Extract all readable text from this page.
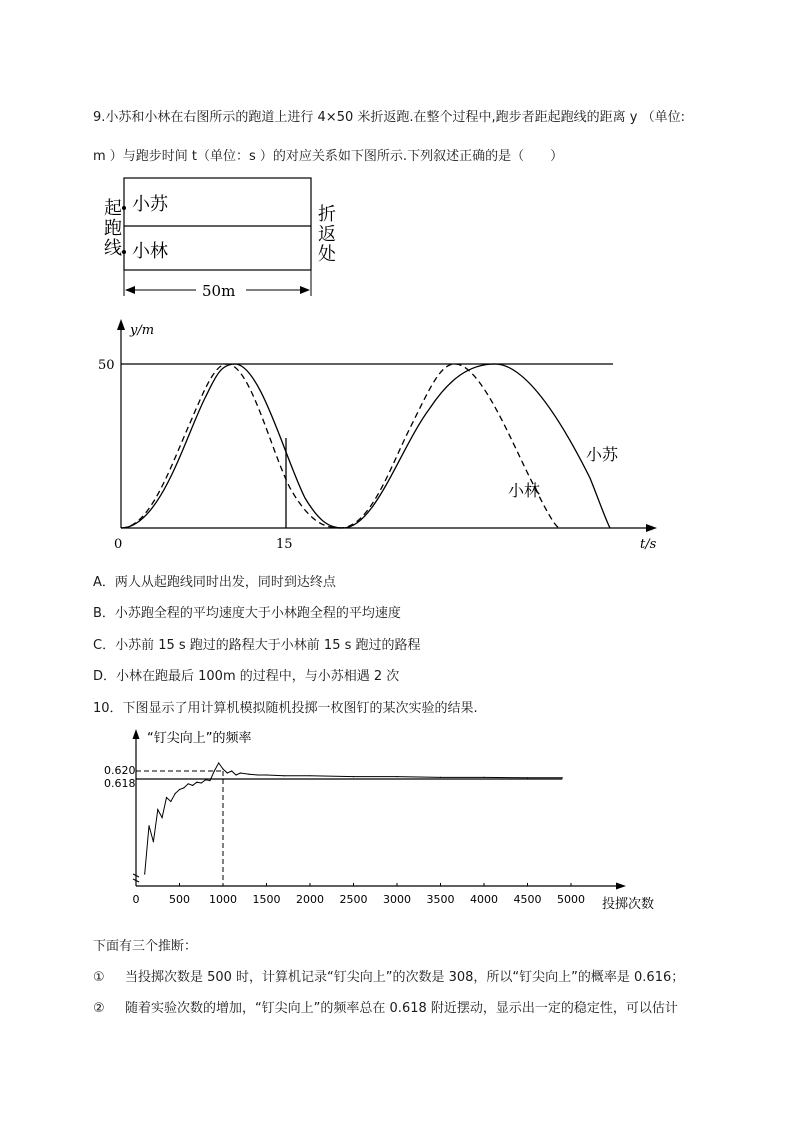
9.小苏和小林在右图所示的跑道上进行 4×50 米折返跑.在整个过程中,跑步者距起跑线的距离 y （单位:
m ）与跑步时间 t（单位：s ）的对应关系如下图所示.下列叙述正确的是（　　）
起
跑
线
小苏
小林
折
返
处
50m
y/m
t/s
50
0	15
小苏
小林
A．两人从起跑线同时出发，同时到达终点
B．小苏跑全程的平均速度大于小林跑全程的平均速度
C．小苏前 15 s 跑过的路程大于小林前 15 s 跑过的路程
D．小林在跑最后 100m 的过程中，与小苏相遇 2 次
10．下图显示了用计算机模拟随机投掷一枚图钉的某次实验的结果.
“钉尖向上”的频率
0.620
0.618
0	500 1000 1500 2000 2500 3000 3500 4000 4500 5000 投掷次数
下面有三个推断：
① 当投掷次数是 500 时，计算机记录“钉尖向上”的次数是 308，所以“钉尖向上”的概率是 0.616；
② 随着实验次数的增加，“钉尖向上”的频率总在 0.618 附近摆动，显示出一定的稳定性，可以估计
